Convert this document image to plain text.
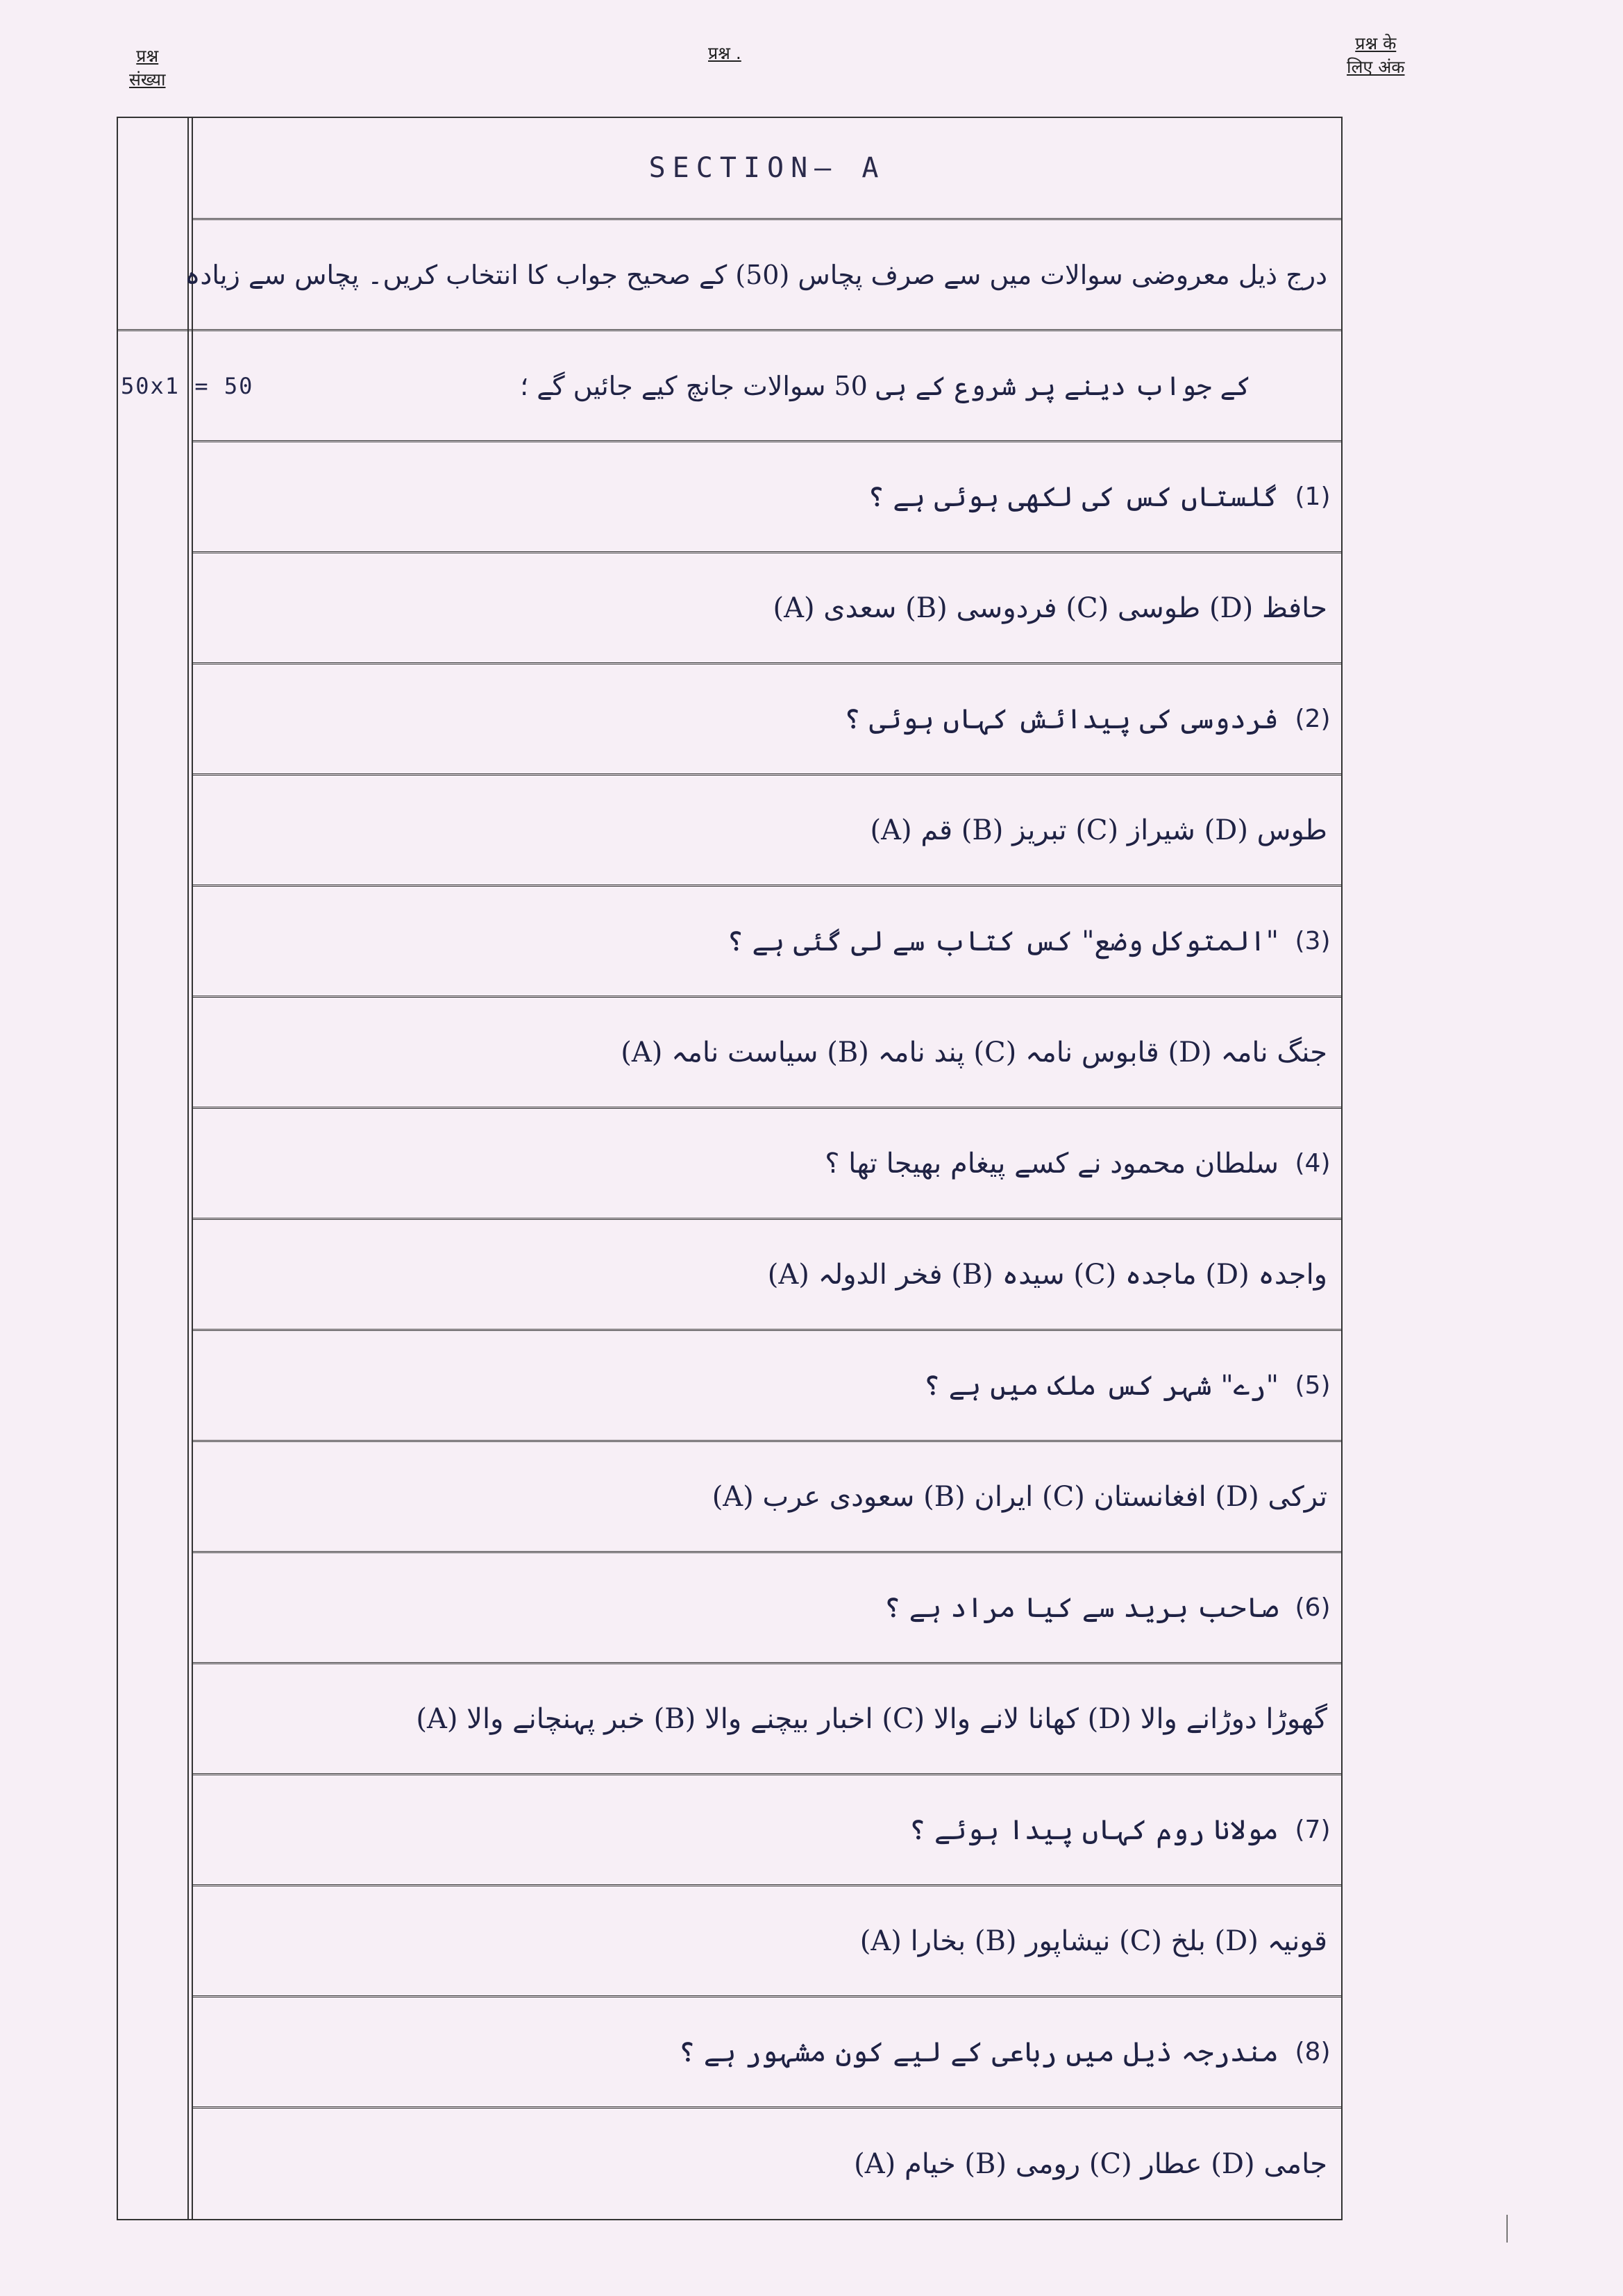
प्रश्न
संख्या
प्रश्न .	प्रश्न के
लिए अंक
SECTION— A
درج ذیل معروضی سوالات میں سے صرف پچاس (50) کے صحیح جواب کا انتخاب کریں۔ پچاس سے زیادہ
50x1 = 50	کے جواب دینے پر شروع کے ہی 50 سوالات جانچ کیے جائیں گے ؛
(1)
گلستاں کس کی لکھی ہوئی ہے ؟
(A) سعدی (B) فردوسی (C) طوسی (D) حافظ
(2)
فردوسی کی پیدائش کہاں ہوئی ؟
(A) قم (B) تبریز (C) شیراز (D) طوس
(3)
"المتوکل وضع" کس کتاب سے لی گئی ہے ؟
(A) سیاست نامہ (B) پند نامہ (C) قابوس نامہ (D) جنگ نامہ
(4)
سلطان محمود نے کسے پیغام بھیجا تھا ؟
(A) فخر الدولہ (B) سیدہ (C) ماجدہ (D) واجدہ
(5)
"رے" شہر کس ملک میں ہے ؟
(A) سعودی عرب (B) ایران (C) افغانستان (D) ترکی
(6)
صاحب برید سے کیا مراد ہے ؟
(A) خبر پہنچانے والا (B) اخبار بیچنے والا (C) کھانا لانے والا (D) گھوڑا دوڑانے والا
(7)
مولانا روم کہاں پیدا ہوئے ؟
(A) بخارا (B) نیشاپور (C) بلخ (D) قونیہ
(8)
مندرجہ ذیل میں رباعی کے لیے کون مشہور ہے ؟
(A) خیام (B) رومی (C) عطار (D) جامی
